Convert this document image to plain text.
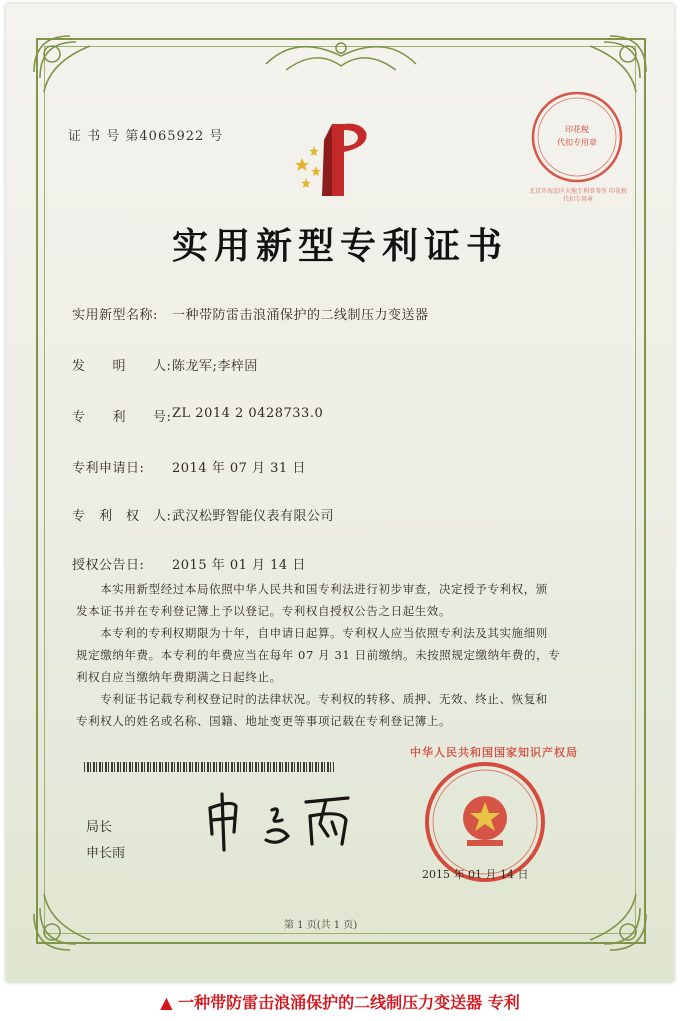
证 书 号 第4065922 号	印花税
代扣专用章
北京市海淀区天地专利事务所 印花税 代扣专用章
实用新型专利证书
实用新型名称: 一种带防雷击浪涌保护的二线制压力变送器
发　　明　　人: 陈龙军;李梓固
专　　利　　号: ZL 2014 2 0428733.0
专利申请日: 2014 年 07 月 31 日
专　利　权　人: 武汉松野智能仪表有限公司
授权公告日: 2015 年 01 月 14 日
　　本实用新型经过本局依照中华人民共和国专利法进行初步审查，决定授予专利权，颁
发本证书并在专利登记簿上予以登记。专利权自授权公告之日起生效。
　　本专利的专利权期限为十年，自申请日起算。专利权人应当依照专利法及其实施细则
规定缴纳年费。本专利的年费应当在每年 07 月 31 日前缴纳。未按照规定缴纳年费的，专
利权自应当缴纳年费期满之日起终止。
　　专利证书记载专利权登记时的法律状况。专利权的转移、质押、无效、终止、恢复和
专利权人的姓名或名称、国籍、地址变更等事项记载在专利登记簿上。
局长
申长雨
中华人民共和国国家知识产权局
2015 年 01 月 14 日
第 1 页(共 1 页)
▲ 一种带防雷击浪涌保护的二线制压力变送器 专利
